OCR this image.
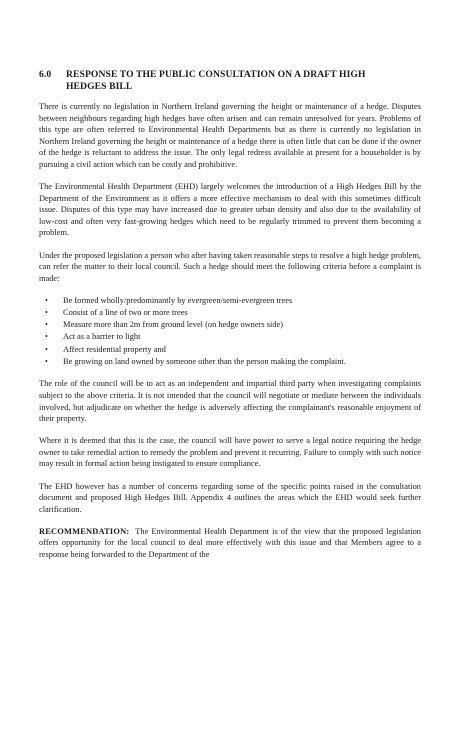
6.0 RESPONSE TO THE PUBLIC CONSULTATION ON A DRAFT HIGH
HEDGES BILL

There is currently no legislation in Northern Ireland governing the height or maintenance of a hedge. Disputes between neighbours regarding high hedges have often arisen and can remain unresolved for years. Problems of this type are often referred to Environmental Health Departments but as there is currently no legislation in Northern Ireland governing the height or maintenance of a hedge there is often little that can be done if the owner of the hedge is reluctant to address the issue. The only legal redress available at present for a householder is by pursuing a civil action which can be costly and prohibitive.

The Environmental Health Department (EHD) largely welcomes the introduction of a High Hedges Bill by the Department of the Environment as it offers a more effective mechanism to deal with this sometimes difficult issue. Disputes of this type may have increased due to greater urban density and also due to the availability of low-cost and often very fast-growing hedges which need to be regularly trimmed to prevent them becoming a problem.

Under the proposed legislation a person who after having taken reasonable steps to resolve a high hedge problem, can refer the matter to their local council. Such a hedge should meet the following criteria before a complaint is made:

• Be formed wholly/predominantly by evergreen/semi-evergreen trees
• Consist of a line of two or more trees
• Measure more than 2m from ground level (on hedge owners side)
• Act as a barrier to light
• Affect residential property and
• Be growing on land owned by someone other than the person making the complaint.

The role of the council will be to act as an independent and impartial third party when investigating complaints subject to the above criteria. It is not intended that the council will negotiate or mediate between the individuals involved, but adjudicate on whether the hedge is adversely affecting the complainant's reasonable enjoyment of their property.

Where it is deemed that this is the case, the council will have power to serve a legal notice requiring the hedge owner to take remedial action to remedy the problem and prevent it recurring. Failure to comply with such notice may result in formal action being instigated to ensure compliance.

The EHD however has a number of concerns regarding some of the specific points raised in the consultation document and proposed High Hedges Bill. Appendix 4 outlines the areas which the EHD would seek further clarification.

RECOMMENDATION: The Environmental Health Department is of the view that the proposed legislation offers opportunity for the local council to deal more effectively with this issue and that Members agree to a response being forwarded to the Department of the
